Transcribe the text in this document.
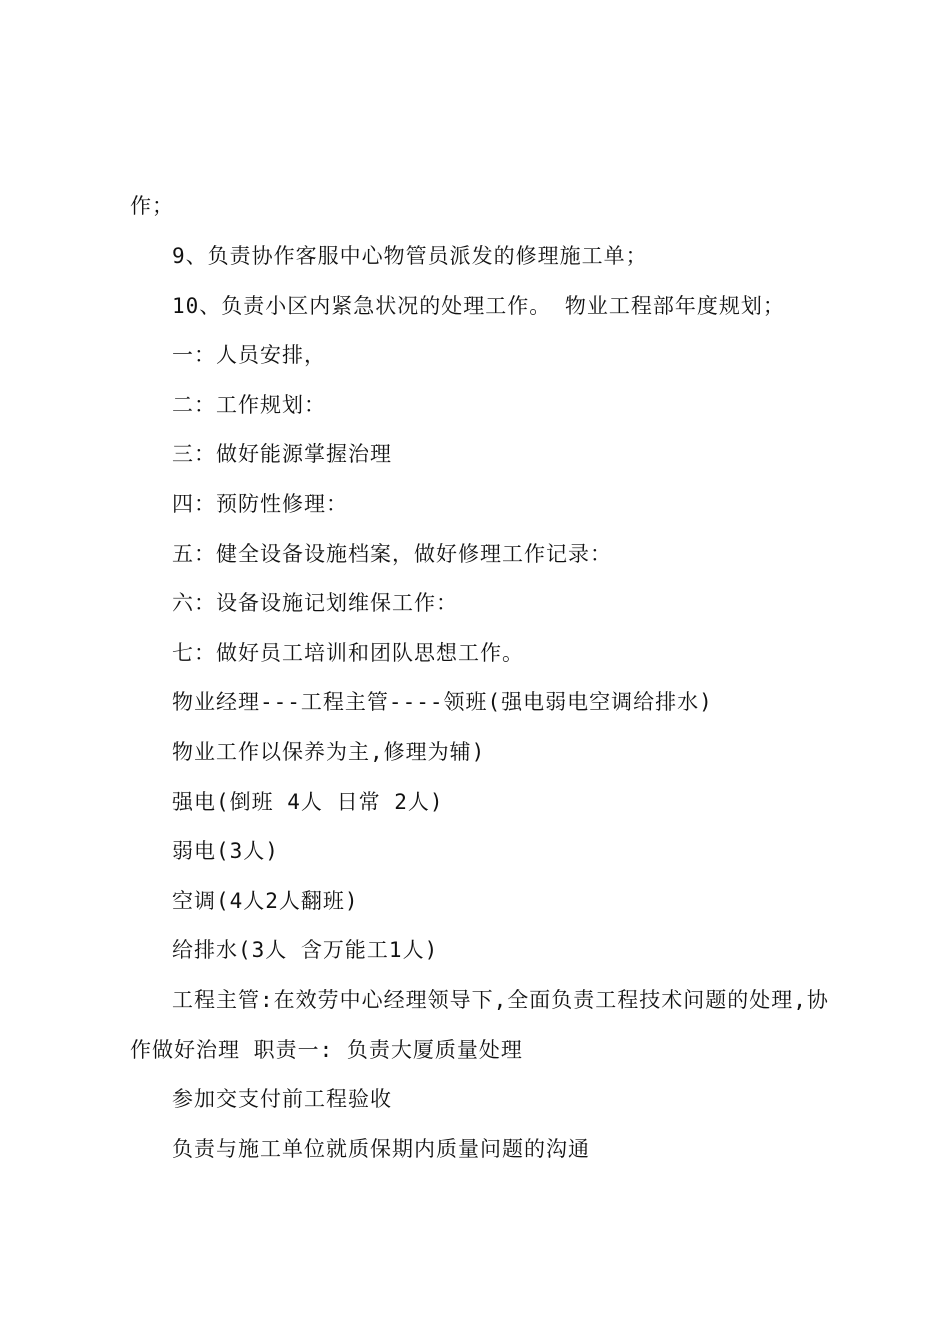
作；

9、负责协作客服中心物管员派发的修理施工单；

10、负责小区内紧急状况的处理工作。 物业工程部年度规划；

一：人员安排，

二：工作规划：

三：做好能源掌握治理

四：预防性修理：

五：健全设备设施档案，做好修理工作记录：

六：设备设施记划维保工作：

七：做好员工培训和团队思想工作。

物业经理---工程主管----领班(强电弱电空调给排水)

物业工作以保养为主,修理为辅)

强电(倒班 4人 日常 2人)

弱电(3人)

空调(4人2人翻班)

给排水(3人 含万能工1人)

工程主管:在效劳中心经理领导下,全面负责工程技术问题的处理,协

作做好治理 职责一: 负责大厦质量处理

参加交支付前工程验收

负责与施工单位就质保期内质量问题的沟通
